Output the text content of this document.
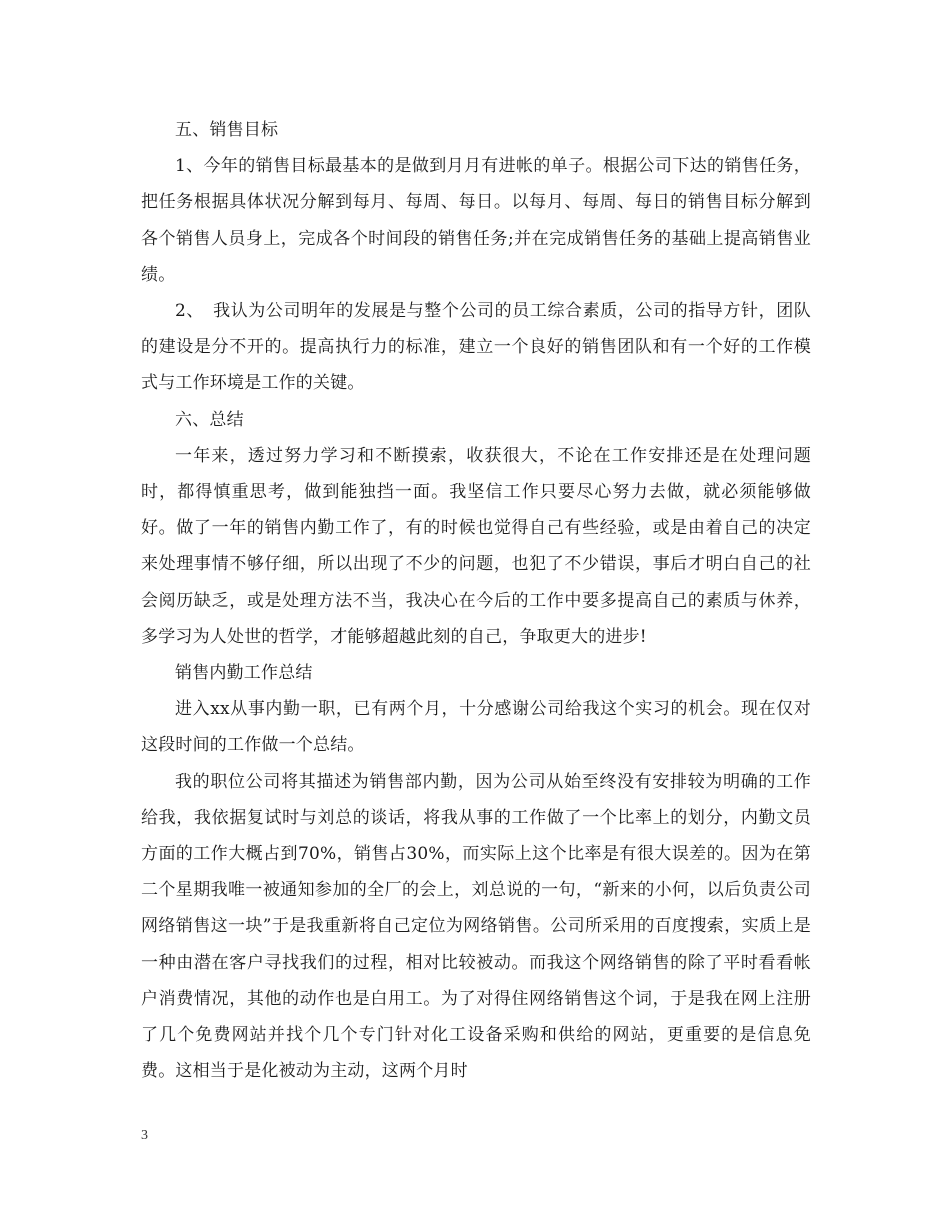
五、销售目标

1、今年的销售目标最基本的是做到月月有进帐的单子。根据公司下达的销售任务，把任务根据具体状况分解到每月、每周、每日。以每月、每周、每日的销售目标分解到各个销售人员身上，完成各个时间段的销售任务;并在完成销售任务的基础上提高销售业绩。

2、　我认为公司明年的发展是与整个公司的员工综合素质，公司的指导方针，团队的建设是分不开的。提高执行力的标准，建立一个良好的销售团队和有一个好的工作模式与工作环境是工作的关键。

六、总结

一年来，透过努力学习和不断摸索，收获很大，不论在工作安排还是在处理问题时，都得慎重思考，做到能独挡一面。我坚信工作只要尽心努力去做，就必须能够做好。做了一年的销售内勤工作了，有的时候也觉得自己有些经验，或是由着自己的决定来处理事情不够仔细，所以出现了不少的问题，也犯了不少错误，事后才明白自己的社会阅历缺乏，或是处理方法不当，我决心在今后的工作中要多提高自己的素质与休养，多学习为人处世的哲学，才能够超越此刻的自己，争取更大的进步!

销售内勤工作总结

进入xx从事内勤一职，已有两个月，十分感谢公司给我这个实习的机会。现在仅对这段时间的工作做一个总结。

我的职位公司将其描述为销售部内勤，因为公司从始至终没有安排较为明确的工作给我，我依据复试时与刘总的谈话，将我从事的工作做了一个比率上的划分，内勤文员方面的工作大概占到70%，销售占30%，而实际上这个比率是有很大误差的。因为在第二个星期我唯一被通知参加的全厂的会上，刘总说的一句，“新来的小何，以后负责公司网络销售这一块”于是我重新将自己定位为网络销售。公司所采用的百度搜索，实质上是一种由潜在客户寻找我们的过程，相对比较被动。而我这个网络销售的除了平时看看帐户消费情况，其他的动作也是白用工。为了对得住网络销售这个词，于是我在网上注册了几个免费网站并找个几个专门针对化工设备采购和供给的网站，更重要的是信息免费。这相当于是化被动为主动，这两个月时

3
